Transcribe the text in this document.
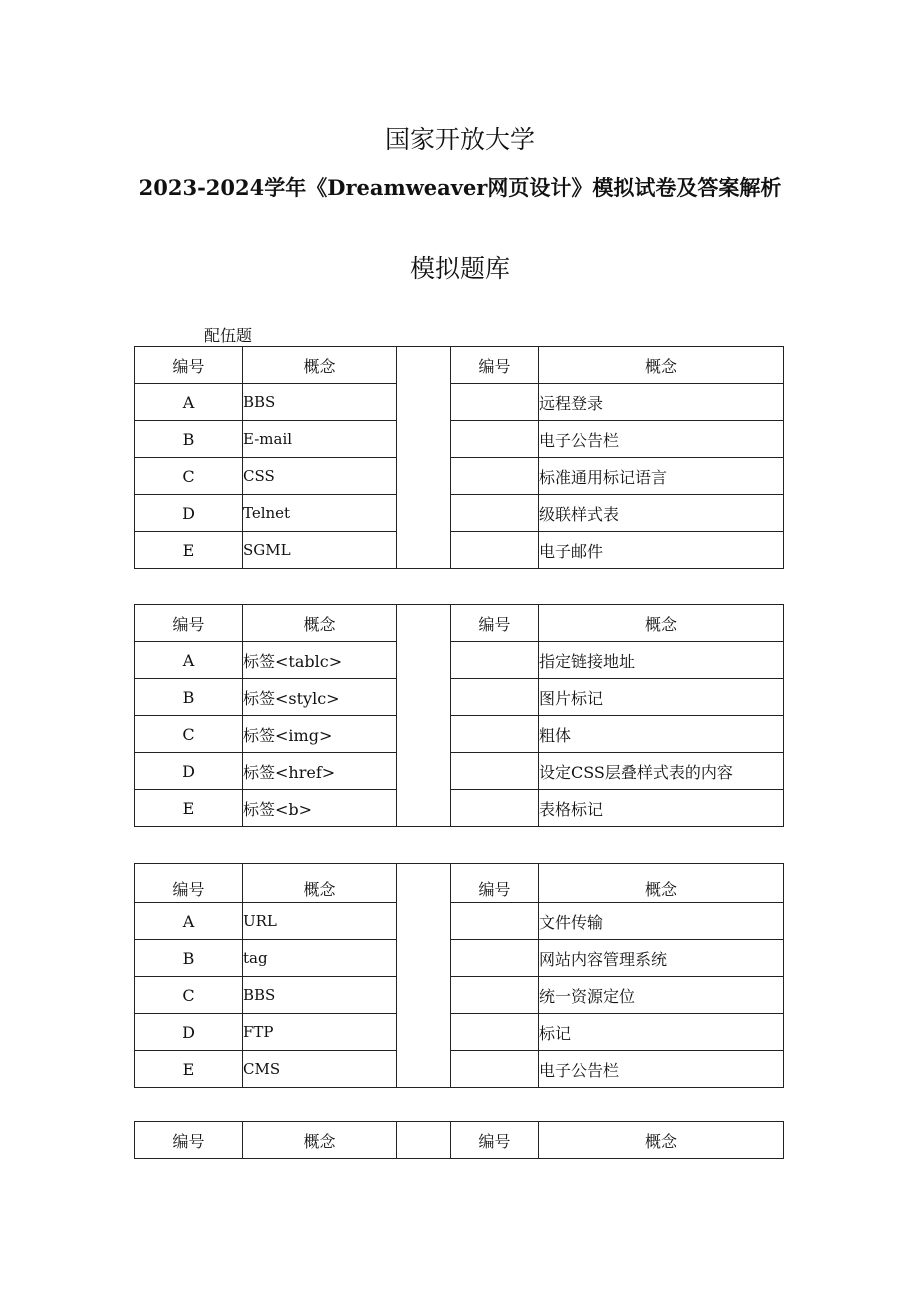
国家开放大学
2023-2024学年《Dreamweaver网页设计》模拟试卷及答案解析
模拟题库
配伍题
编号	概念		编号	概念
A	BBS			远程登录
B	E-mail			电子公告栏
C	CSS			标准通用标记语言
D	Telnet			级联样式表
E	SGML			电子邮件
编号	概念		编号	概念
A	标签<tablc>			指定链接地址
B	标签<stylc>			图片标记
C	标签<img>			粗体
D	标签<href>			设定CSS层叠样式表的内容
E	标签<b>			表格标记
编号	概念		编号	概念
A	URL			文件传输
B	tag			网站内容管理系统
C	BBS			统一资源定位
D	FTP			标记
E	CMS			电子公告栏
编号	概念		编号	概念
